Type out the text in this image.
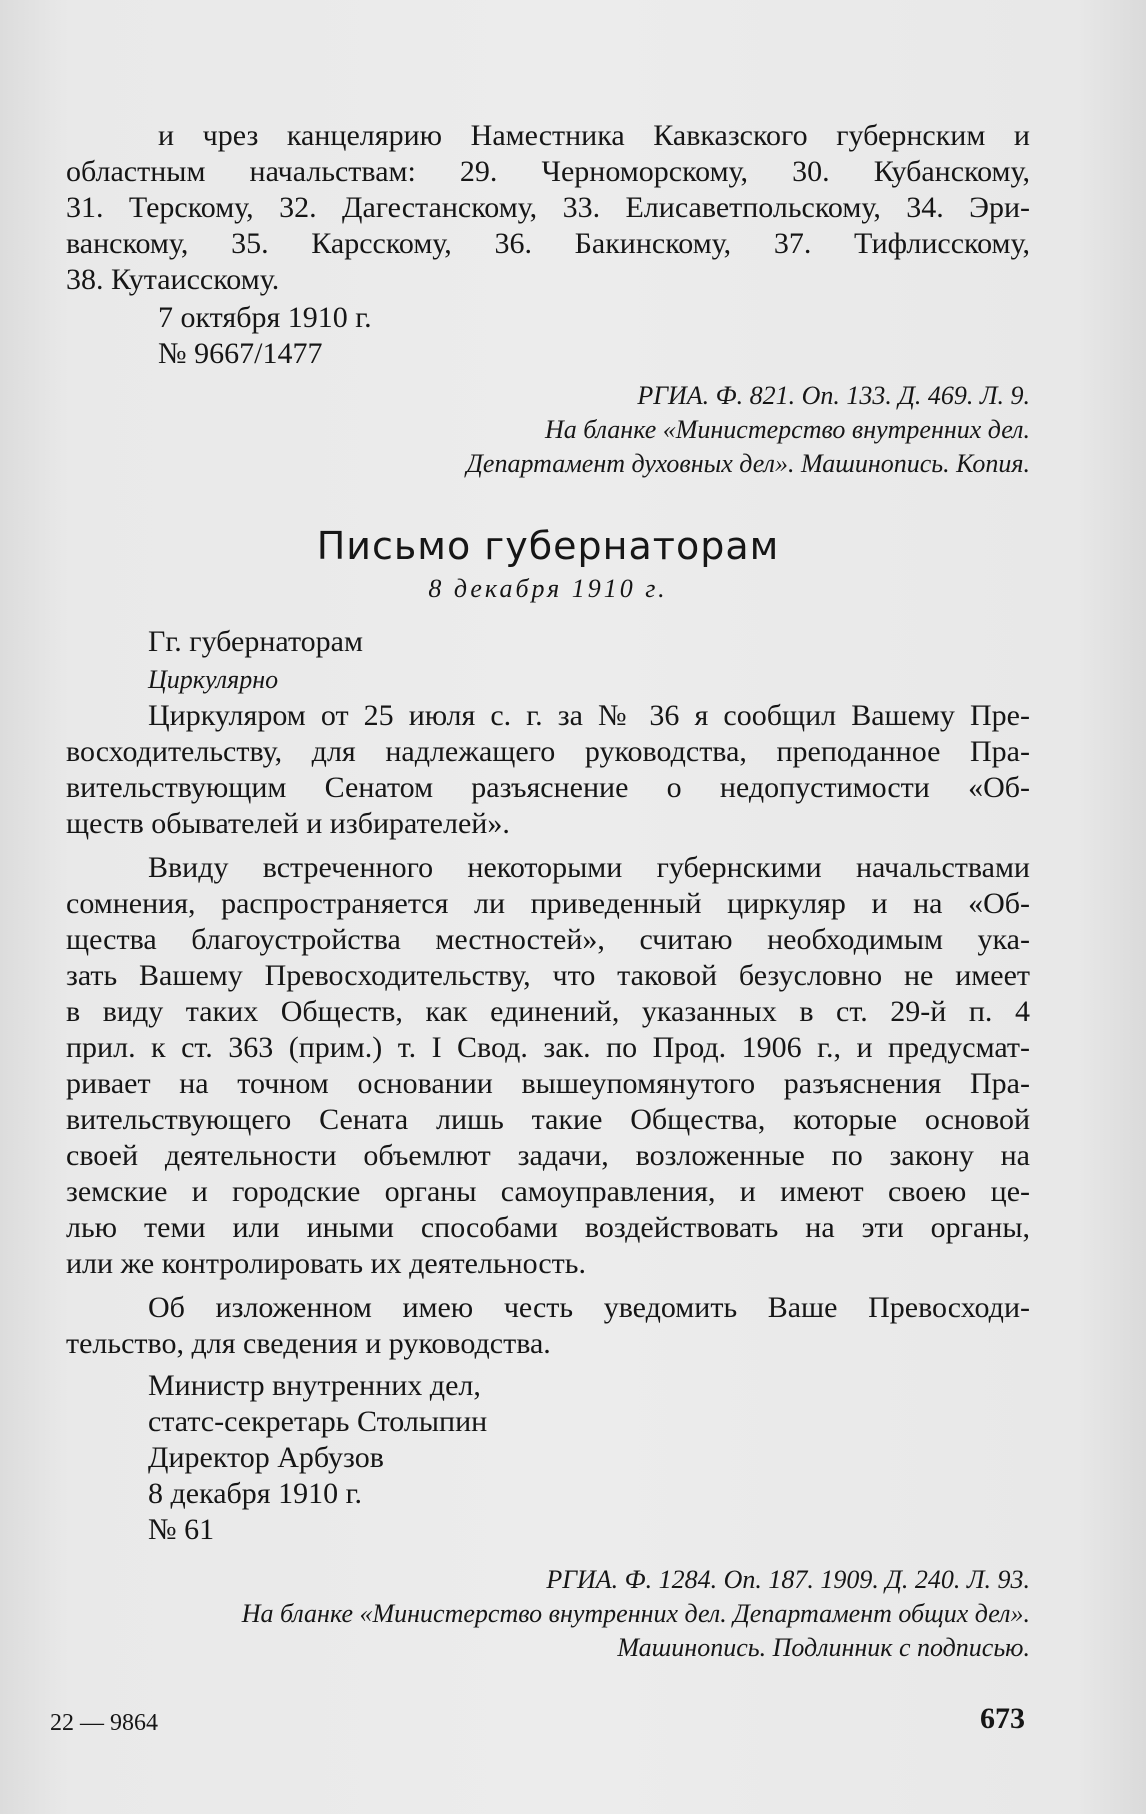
и чрез канцелярию Наместника Кавказского губернским и

областным начальствам: 29. Черноморскому, 30. Кубанскому,

31. Терскому, 32. Дагестанскому, 33. Елисаветпольскому, 34. Эри-

ванскому, 35. Карсскому, 36. Бакинскому, 37. Тифлисскому,

38. Кутаисскому.

7 октября 1910 г.

№ 9667/1477

РГИА. Ф. 821. Оп. 133. Д. 469. Л. 9.

На бланке «Министерство внутренних дел.

Департамент духовных дел». Машинопись. Копия.

Письмо губернаторам

8 декабря 1910 г.

Гг. губернаторам

Циркулярно

Циркуляром от 25 июля с. г. за № 36 я сообщил Вашему Пре-

восходительству, для надлежащего руководства, преподанное Пра-

вительствующим Сенатом разъяснение о недопустимости «Об-

ществ обывателей и избирателей».

Ввиду встреченного некоторыми губернскими начальствами

сомнения, распространяется ли приведенный циркуляр и на «Об-

щества благоустройства местностей», считаю необходимым ука-

зать Вашему Превосходительству, что таковой безусловно не имеет

в виду таких Обществ, как единений, указанных в ст. 29-й п. 4

прил. к ст. 363 (прим.) т. I Свод. зак. по Прод. 1906 г., и предусмат-

ривает на точном основании вышеупомянутого разъяснения Пра-

вительствующего Сената лишь такие Общества, которые основой

своей деятельности объемлют задачи, возложенные по закону на

земские и городские органы самоуправления, и имеют своею це-

лью теми или иными способами воздействовать на эти органы,

или же контролировать их деятельность.

Об изложенном имею честь уведомить Ваше Превосходи-

тельство, для сведения и руководства.

Министр внутренних дел,

статс-секретарь Столыпин

Директор Арбузов

8 декабря 1910 г.

№ 61

РГИА. Ф. 1284. Оп. 187. 1909. Д. 240. Л. 93.

На бланке «Министерство внутренних дел. Департамент общих дел».

Машинопись. Подлинник с подписью.

22 — 9864	673
